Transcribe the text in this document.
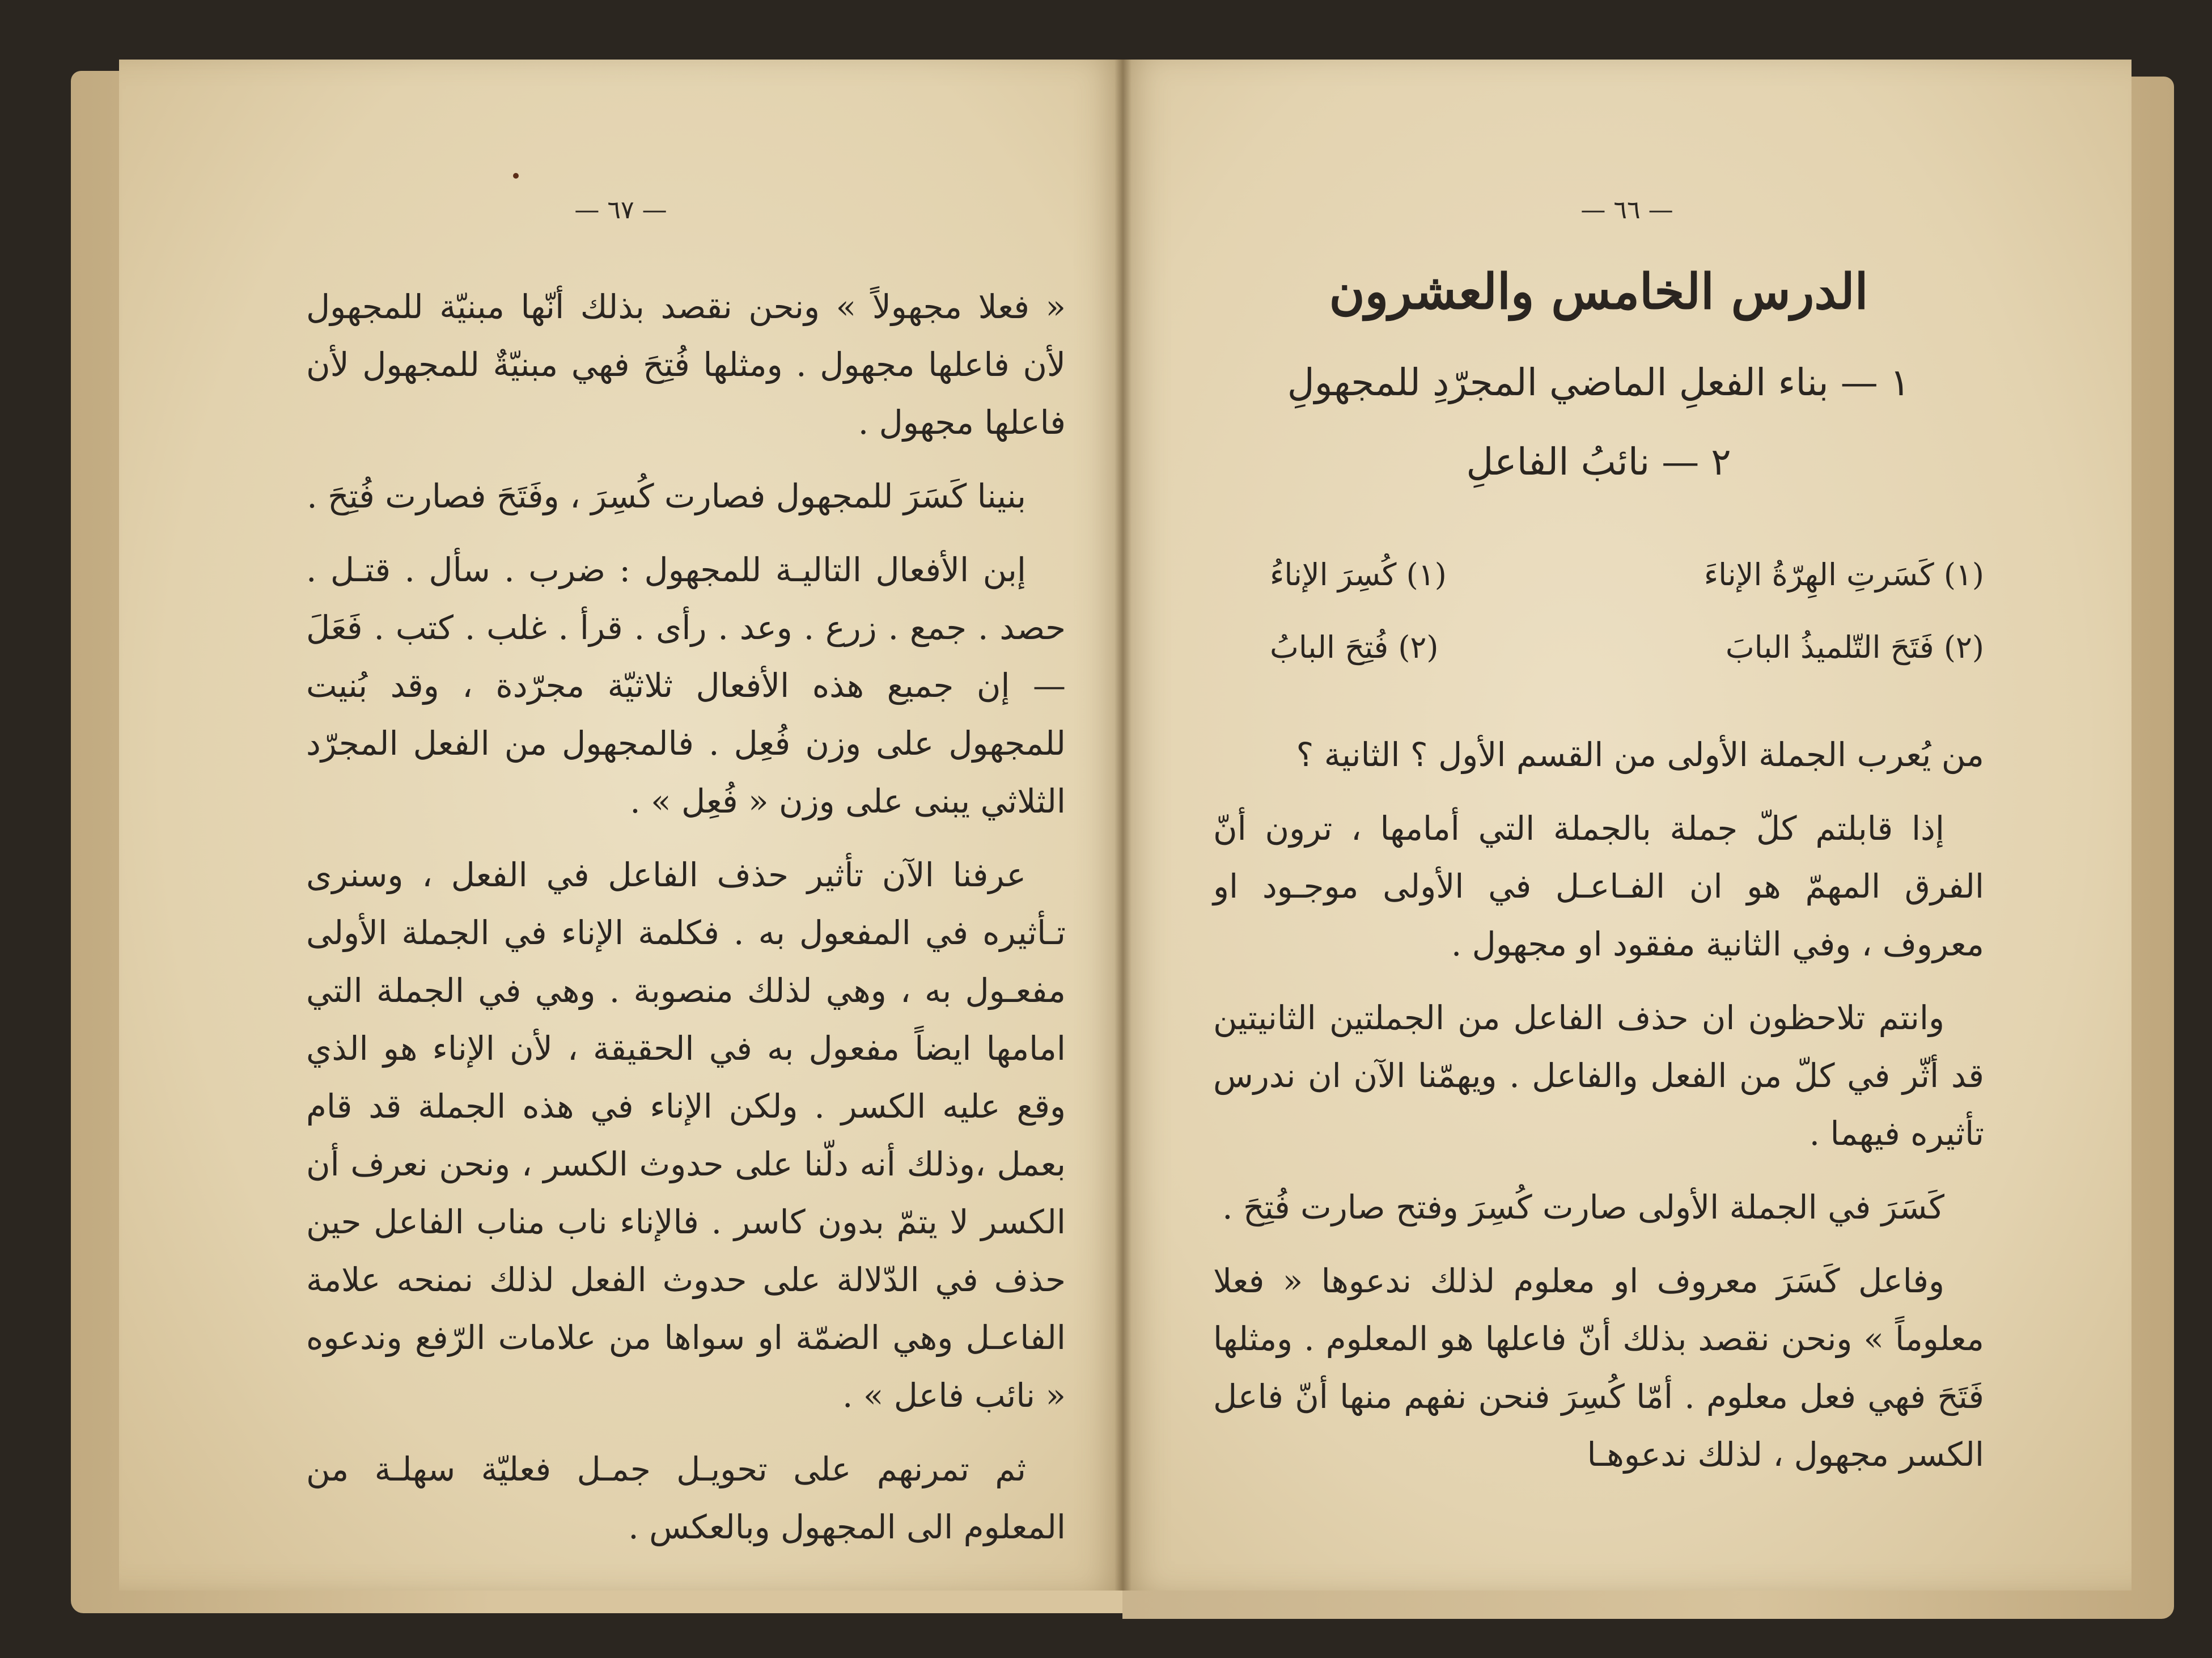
— ٦٧ —

« فعلا مجهولاً » ونحن نقصد بذلك أنّها مبنيّة للمجهول لأن فاعلها مجهول . ومثلها فُتِحَ فهي مبنيّةٌ للمجهول لأن فاعلها مجهول .

بنينا كَسَرَ للمجهول فصارت كُسِرَ ، وفَتَحَ فصارت فُتِحَ .

إبن الأفعال التاليـة للمجهول : ضرب . سأل . قتـل . حصد . جمع . زرع . وعد . رأى . قرأ . غلب . كتب . فَعَلَ — إن جميع هذه الأفعال ثلاثيّة مجرّدة ، وقد بُنيت للمجهول على وزن فُعِل . فالمجهول من الفعل المجرّد الثلاثي يبنى على وزن « فُعِل » .

عرفنا الآن تأثير حذف الفاعل في الفعل ، وسنرى تـأثيره في المفعول به . فكلمة الإناء في الجملة الأولى مفعـول به ، وهي لذلك منصوبة . وهي في الجملة التي امامها ايضاً مفعول به في الحقيقة ، لأن الإناء هو الذي وقع عليه الكسر . ولكن الإناء في هذه الجملة قد قام بعمل ،وذلك أنه دلّنا على حدوث الكسر ، ونحن نعرف أن الكسر لا يتمّ بدون كاسر . فالإناء ناب مناب الفاعل حين حذف في الدّلالة على حدوث الفعل لذلك نمنحه علامة الفاعـل وهي الضمّة او سواها من علامات الرّفع وندعوه « نائب فاعل » .

ثم تمرنهم على تحويـل جمـل فعليّة سهلـة من المعلوم الى المجهول وبالعكس .

— ٦٦ —
الدرس الخامس والعشرون
١ — بناء الفعلِ الماضي المجرّدِ للمجهولِ
٢ — نائبُ الفاعلِ
(١) كَسَرتِ الهِرّةُ الإناءَ
(١) كُسِرَ الإناءُ
(٢) فَتَحَ التّلميذُ البابَ
(٢) فُتِحَ البابُ

من يُعرب الجملة الأولى من القسم الأول ؟ الثانية ؟

إذا قابلتم كلّ جملة بالجملة التي أمامها ، ترون أنّ الفرق المهمّ هو ان الفـاعـل في الأولى موجـود او معروف ، وفي الثانية مفقود او مجهول .

وانتم تلاحظون ان حذف الفاعل من الجملتين الثانيتين قد أثّر في كلّ من الفعل والفاعل . ويهمّنا الآن ان ندرس تأثيره فيهما .

كَسَرَ في الجملة الأولى صارت كُسِرَ وفتح صارت فُتِحَ .

وفاعل كَسَرَ معروف او معلوم لذلك ندعوها « فعلا معلوماً » ونحن نقصد بذلك أنّ فاعلها هو المعلوم . ومثلها فَتَحَ فهي فعل معلوم . أمّا كُسِرَ فنحن نفهم منها أنّ فاعل الكسر مجهول ، لذلك ندعوهـا
